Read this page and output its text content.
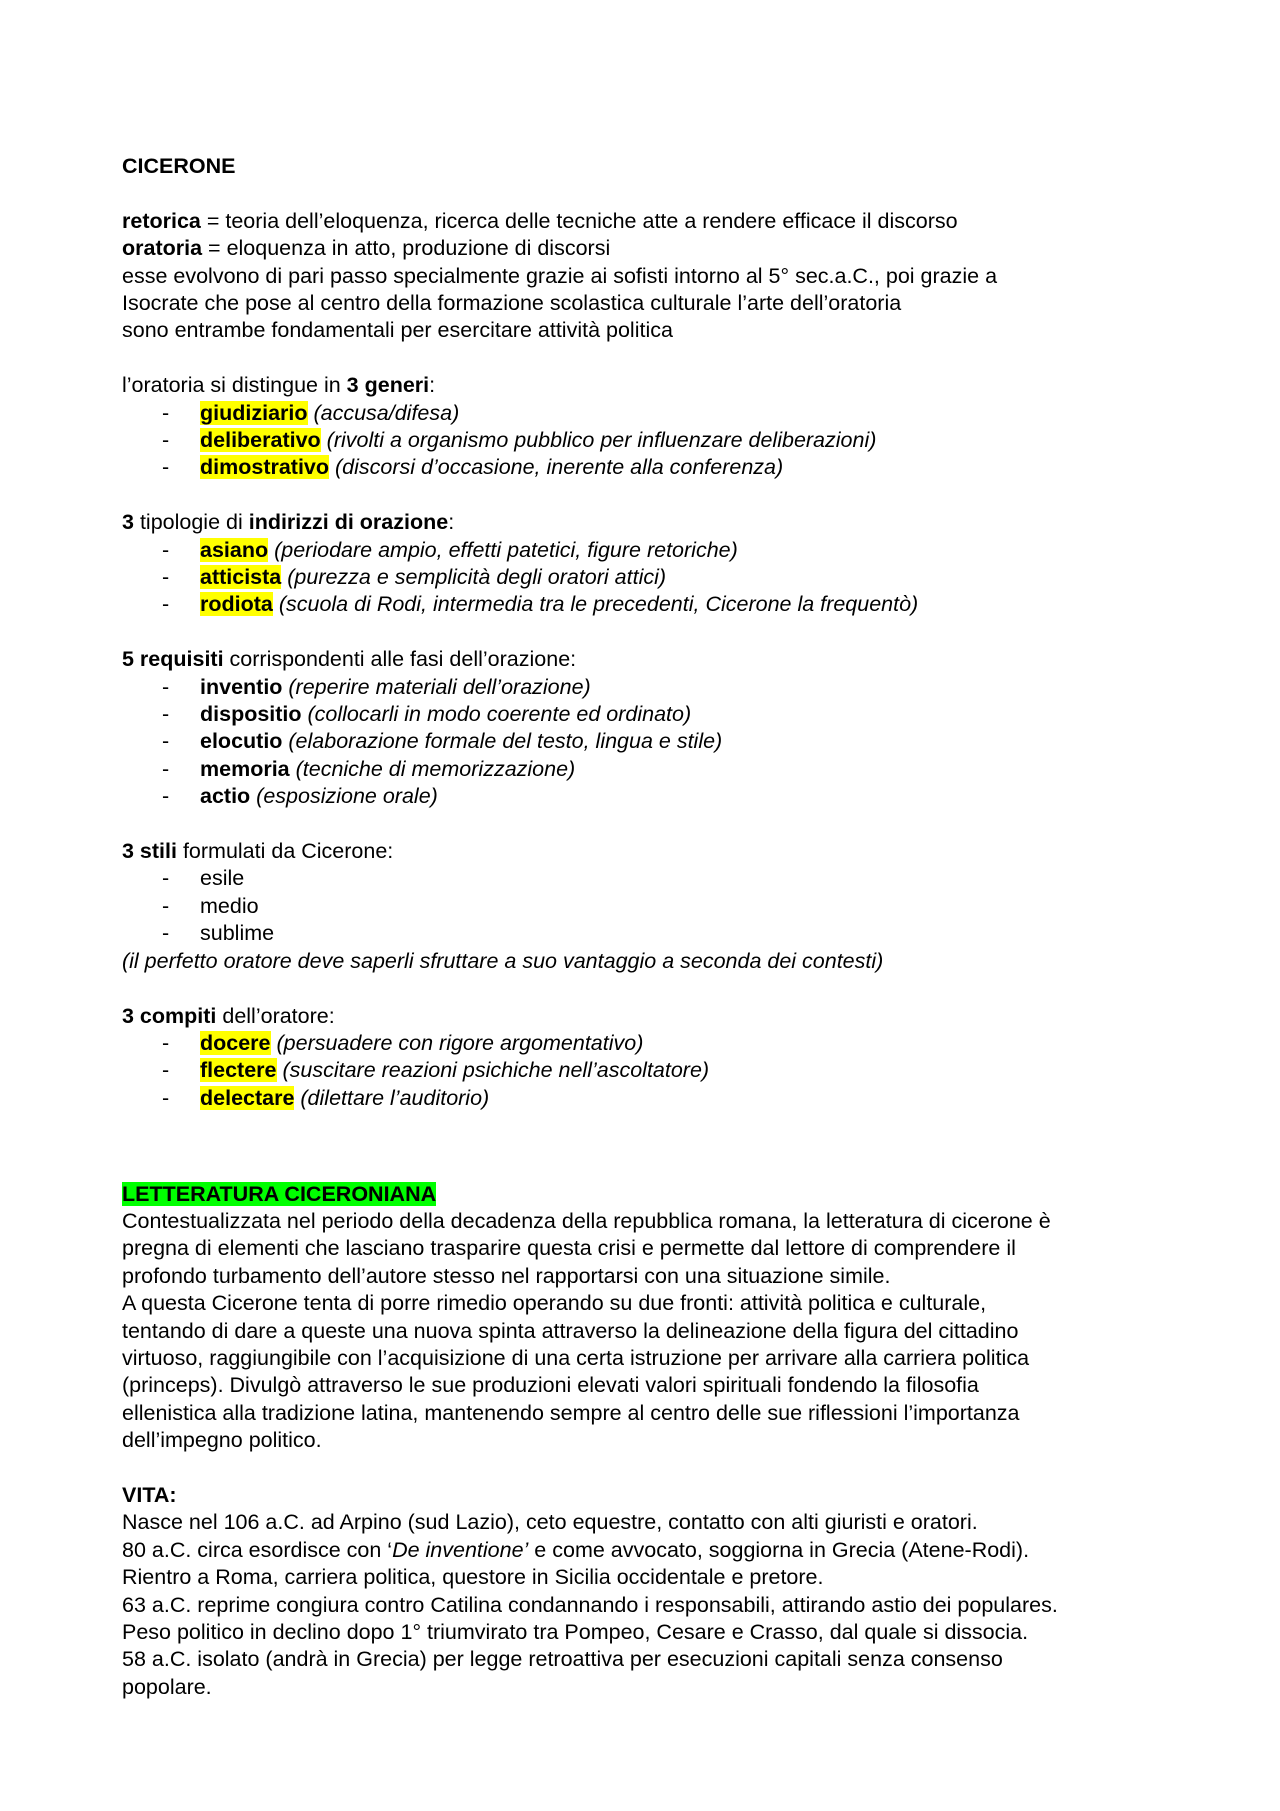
CICERONE

retorica = teoria dell’eloquenza, ricerca delle tecniche atte a rendere efficace il discorso

oratoria = eloquenza in atto, produzione di discorsi

esse evolvono di pari passo specialmente grazie ai sofisti intorno al 5° sec.a.C., poi grazie a

Isocrate che pose al centro della formazione scolastica culturale l’arte dell’oratoria

sono entrambe fondamentali per esercitare attività politica

l’oratoria si distingue in 3 generi:

- giudiziario (accusa/difesa)
- deliberativo (rivolti a organismo pubblico per influenzare deliberazioni)
- dimostrativo (discorsi d’occasione, inerente alla conferenza)

3 tipologie di indirizzi di orazione:

- asiano (periodare ampio, effetti patetici, figure retoriche)
- atticista (purezza e semplicità degli oratori attici)
- rodiota (scuola di Rodi, intermedia tra le precedenti, Cicerone la frequentò)

5 requisiti corrispondenti alle fasi dell’orazione:

- inventio (reperire materiali dell’orazione)
- dispositio (collocarli in modo coerente ed ordinato)
- elocutio (elaborazione formale del testo, lingua e stile)
- memoria (tecniche di memorizzazione)
- actio (esposizione orale)

3 stili formulati da Cicerone:

- esile
- medio
- sublime

(il perfetto oratore deve saperli sfruttare a suo vantaggio a seconda dei contesti)

3 compiti dell’oratore:

- docere (persuadere con rigore argomentativo)
- flectere (suscitare reazioni psichiche nell’ascoltatore)
- delectare (dilettare l’auditorio)

LETTERATURA CICERONIANA

Contestualizzata nel periodo della decadenza della repubblica romana, la letteratura di cicerone è

pregna di elementi che lasciano trasparire questa crisi e permette dal lettore di comprendere il

profondo turbamento dell’autore stesso nel rapportarsi con una situazione simile.

A questa Cicerone tenta di porre rimedio operando su due fronti: attività politica e culturale,

tentando di dare a queste una nuova spinta attraverso la delineazione della figura del cittadino

virtuoso, raggiungibile con l’acquisizione di una certa istruzione per arrivare alla carriera politica

(princeps). Divulgò attraverso le sue produzioni elevati valori spirituali fondendo la filosofia

ellenistica alla tradizione latina, mantenendo sempre al centro delle sue riflessioni l’importanza

dell’impegno politico.

VITA:

Nasce nel 106 a.C. ad Arpino (sud Lazio), ceto equestre, contatto con alti giuristi e oratori.

80 a.C. circa esordisce con ‘De inventione’ e come avvocato, soggiorna in Grecia (Atene-Rodi).

Rientro a Roma, carriera politica, questore in Sicilia occidentale e pretore.

63 a.C. reprime congiura contro Catilina condannando i responsabili, attirando astio dei populares.

Peso politico in declino dopo 1° triumvirato tra Pompeo, Cesare e Crasso, dal quale si dissocia.

58 a.C. isolato (andrà in Grecia) per legge retroattiva per esecuzioni capitali senza consenso

popolare.
